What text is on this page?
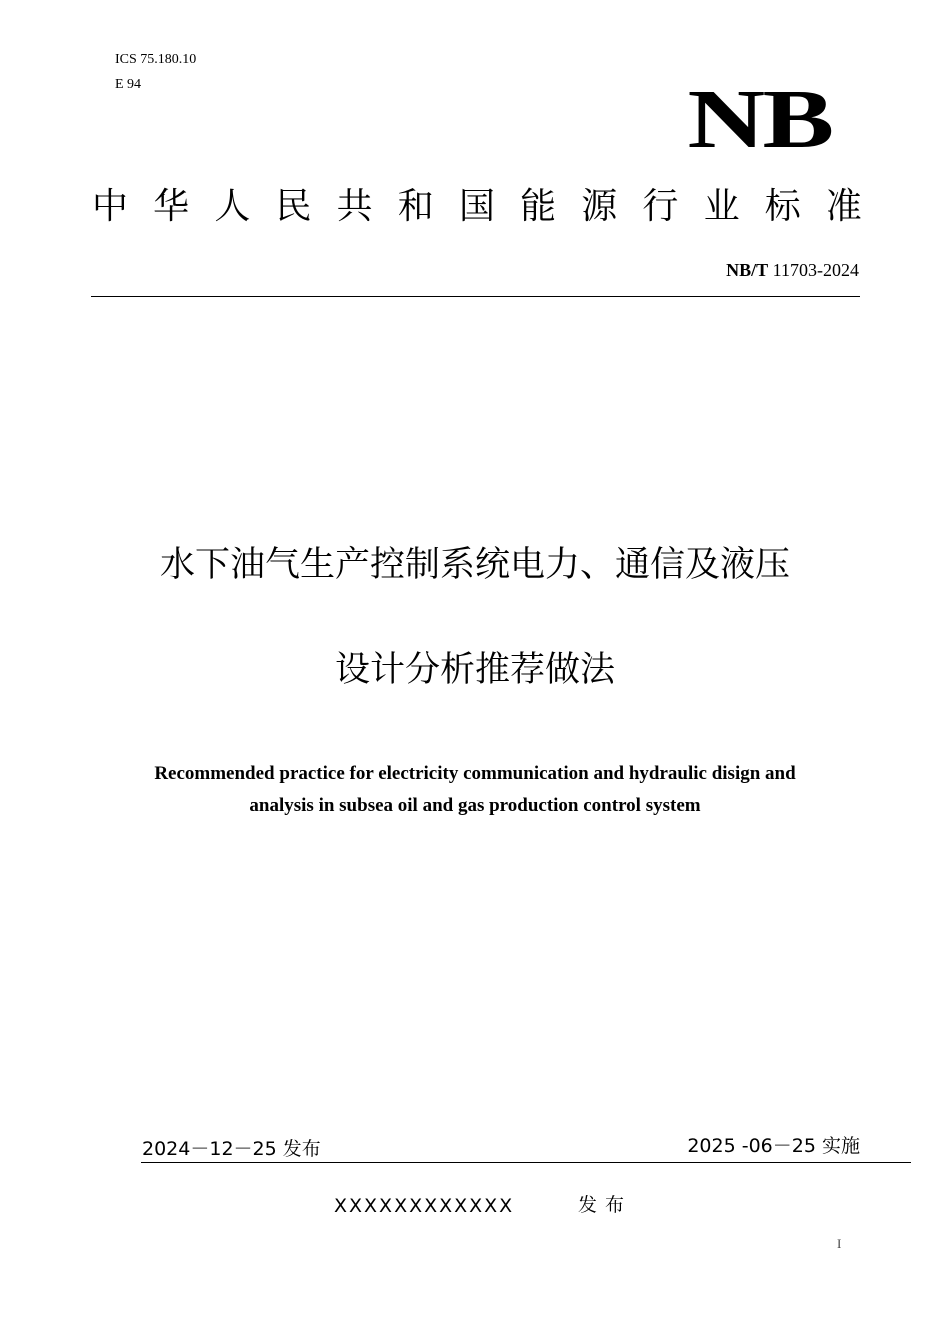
ICS 75.180.10
E 94	NB
中 华 人 民 共 和 国 能 源 行 业 标 准
NB/T 11703-2024
水下油气生产控制系统电力、通信及液压
设计分析推荐做法
Recommended practice for electricity communication and hydraulic disign and
analysis in subsea oil and gas production control system
2024－12－25 发布	2025 -06－25 实施
XXXXXXXXXXXX	发布
I
